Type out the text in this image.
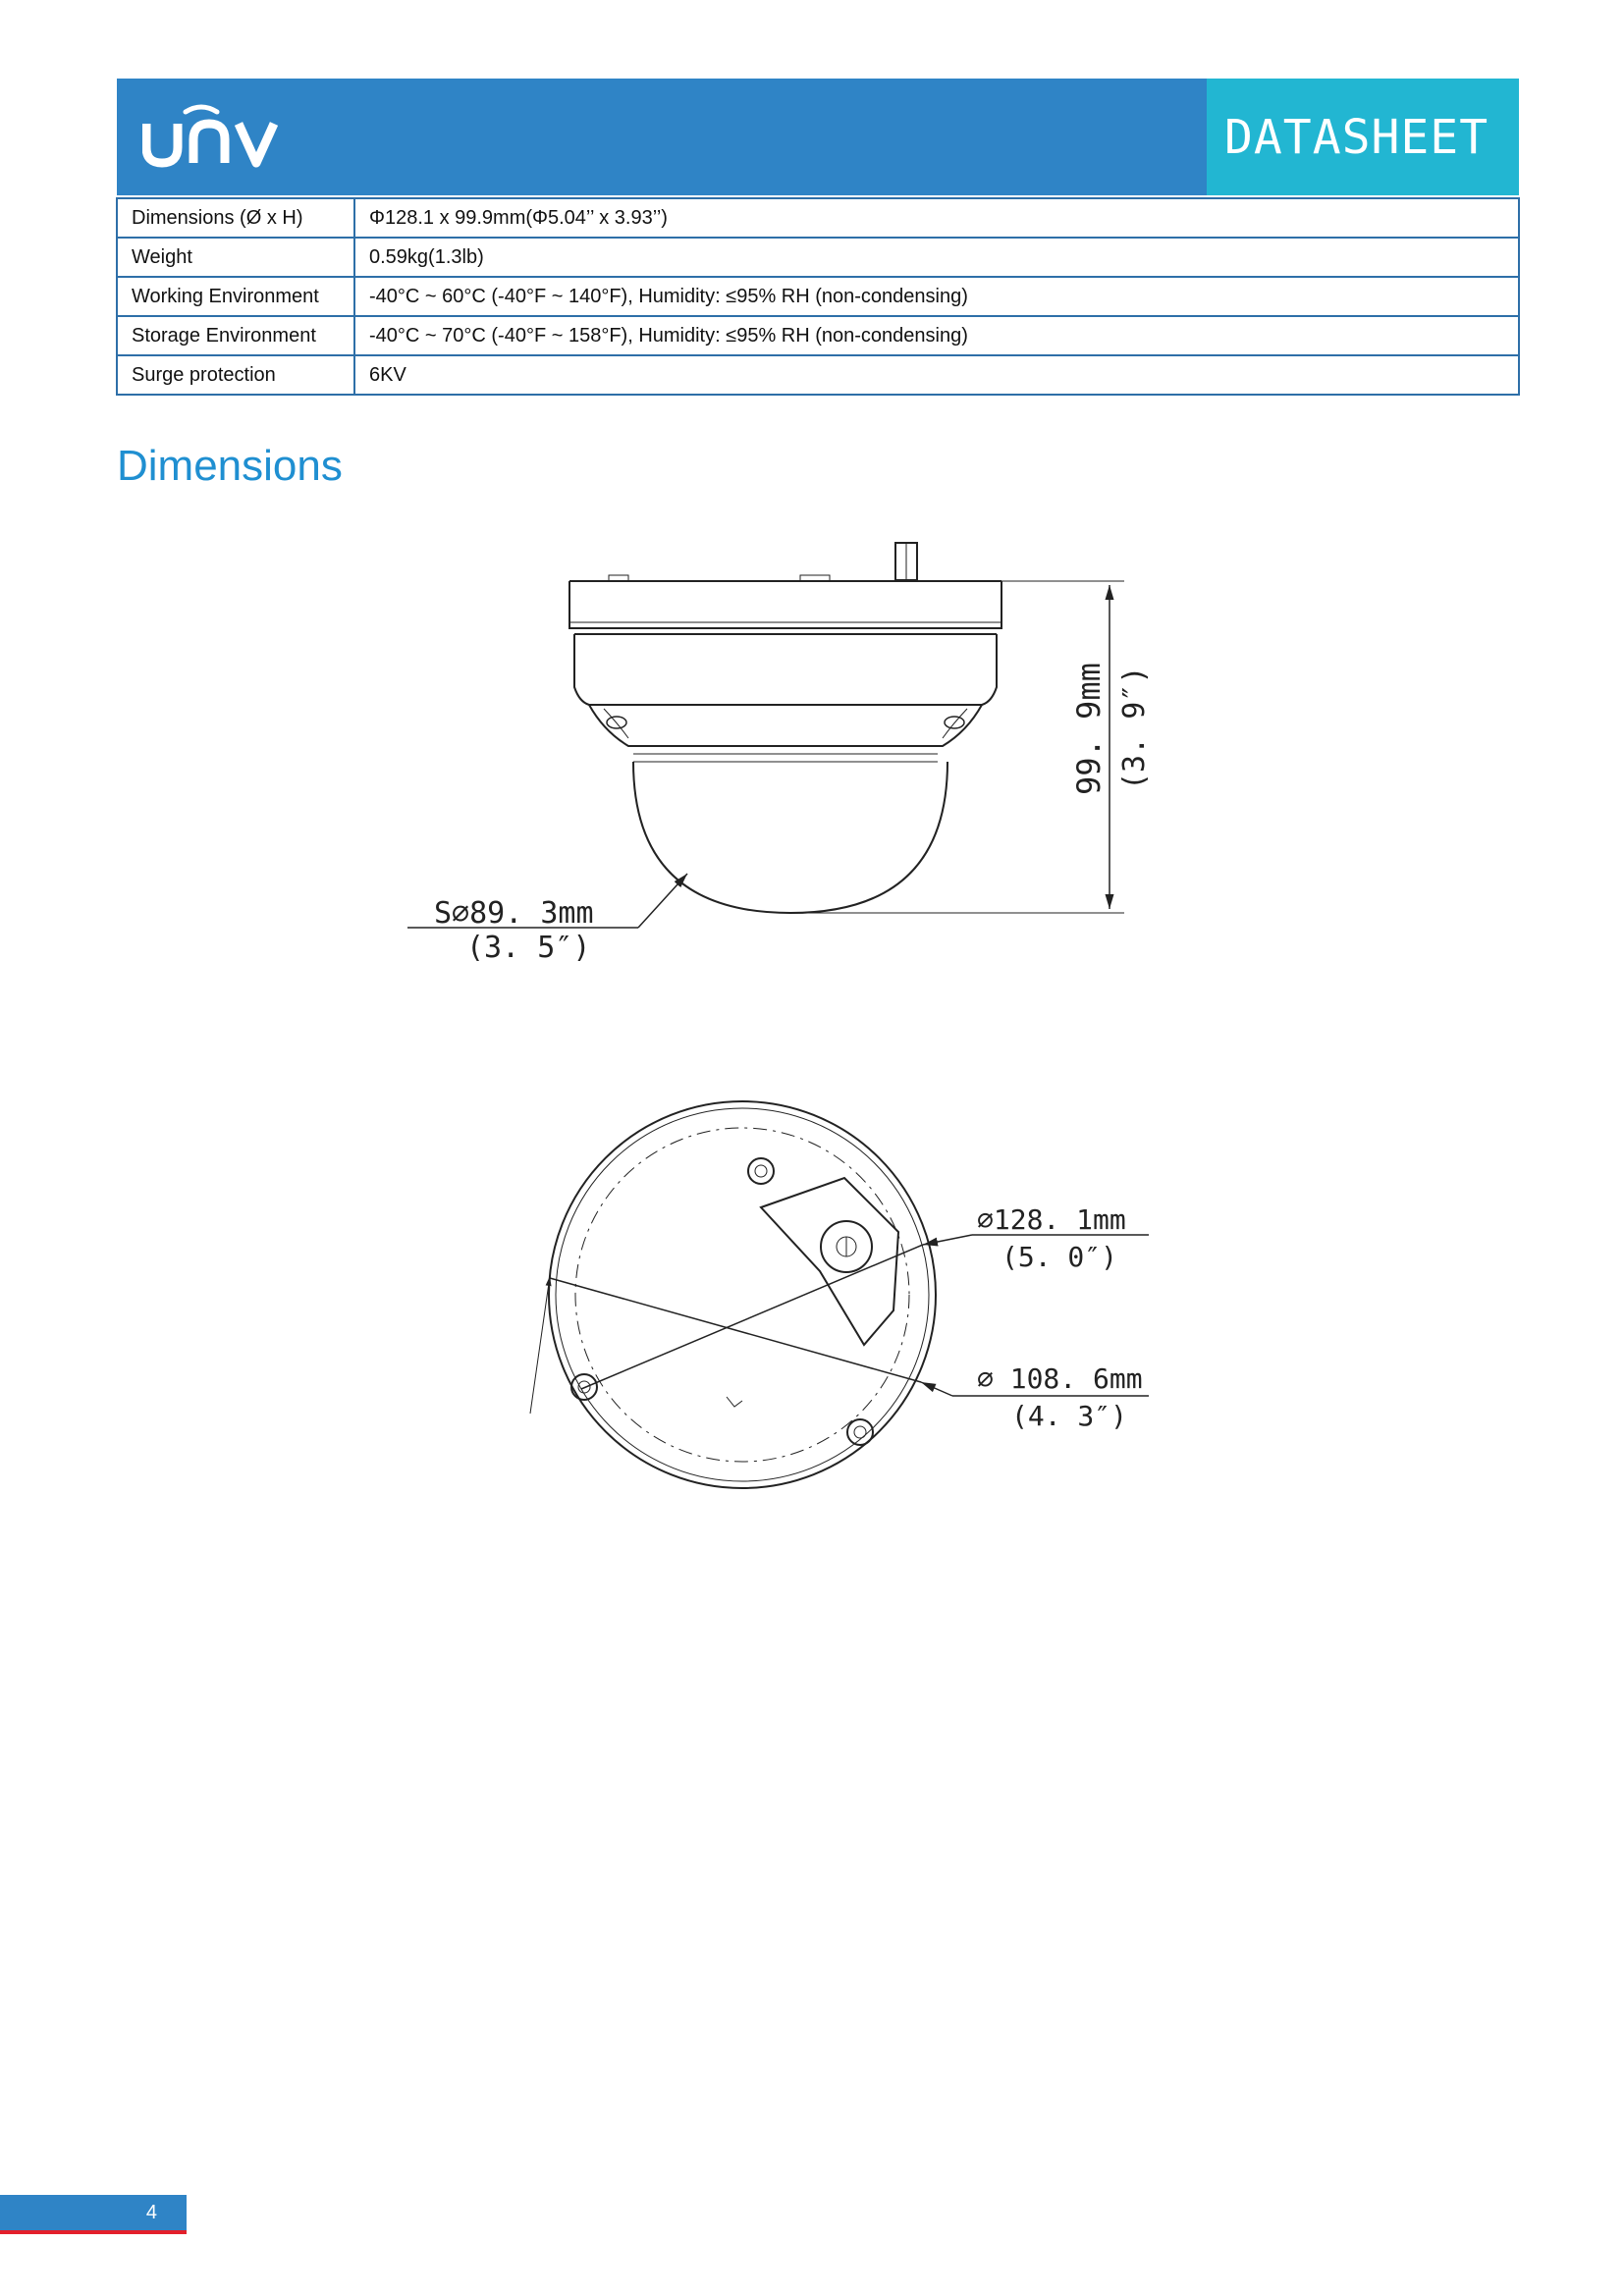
DATASHEET
Dimensions (Ø x H)	Φ128.1 x 99.9mm(Φ5.04’’ x 3.93’’)
Weight	0.59kg(1.3lb)
Working Environment	-40°C ~ 60°C (-40°F ~ 140°F), Humidity: ≤95% RH (non-condensing)
Storage Environment	-40°C ~ 70°C (-40°F ~ 158°F), Humidity: ≤95% RH (non-condensing)
Surge protection	6KV
Dimensions
99. 9mm (3. 9″)
S∅89. 3mm
(3. 5″)
∅128. 1mm
(5. 0″)
∅ 108. 6mm
(4. 3″)
4
